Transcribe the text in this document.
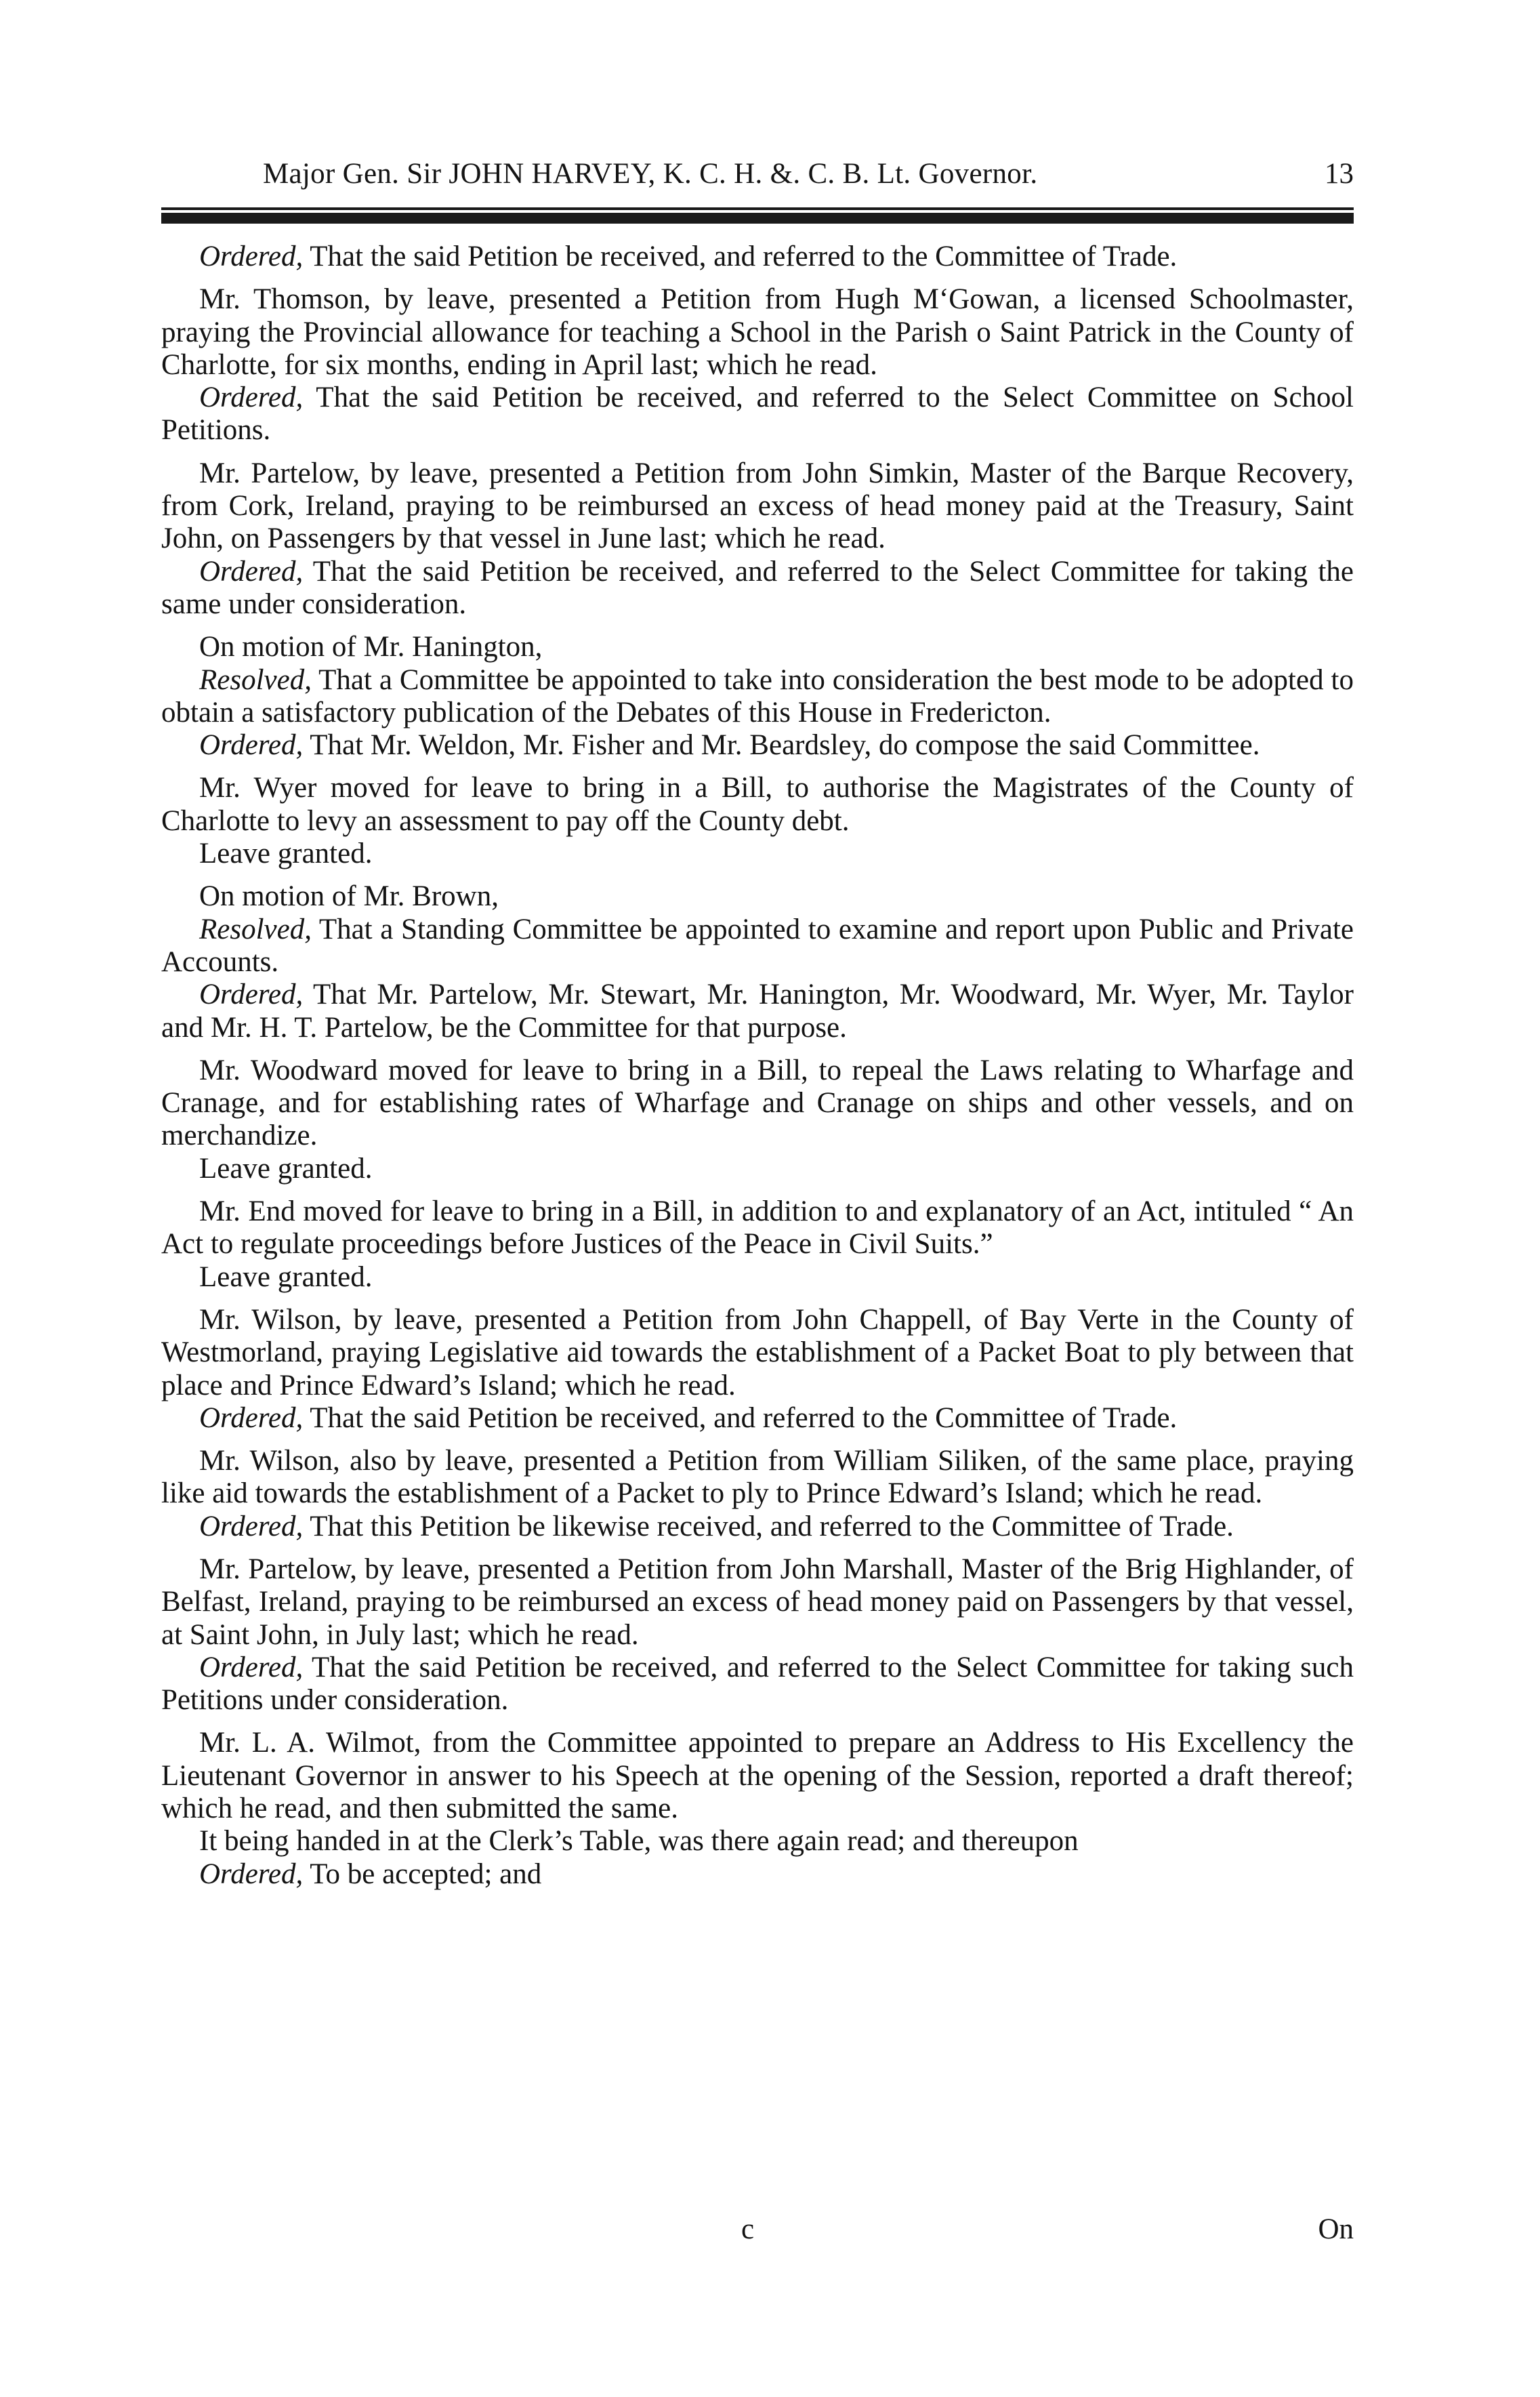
Major Gen. Sir JOHN HARVEY, K. C. H. &. C. B. Lt. Governor.	13

Ordered, That the said Petition be received, and referred to the Committee of Trade.

Mr. Thomson, by leave, presented a Petition from Hugh M‘Gowan, a licensed Schoolmaster, praying the Provincial allowance for teaching a School in the Parish o Saint Patrick in the County of Charlotte, for six months, ending in April last; which he read.

Ordered, That the said Petition be received, and referred to the Select Committee on School Petitions.

Mr. Partelow, by leave, presented a Petition from John Simkin, Master of the Barque Recovery, from Cork, Ireland, praying to be reimbursed an excess of head money paid at the Treasury, Saint John, on Passengers by that vessel in June last; which he read.

Ordered, That the said Petition be received, and referred to the Select Committee for taking the same under consideration.

On motion of Mr. Hanington,

Resolved, That a Committee be appointed to take into consideration the best mode to be adopted to obtain a satisfactory publication of the Debates of this House in Fredericton.

Ordered, That Mr. Weldon, Mr. Fisher and Mr. Beardsley, do compose the said Committee.

Mr. Wyer moved for leave to bring in a Bill, to authorise the Magistrates of the County of Charlotte to levy an assessment to pay off the County debt.

Leave granted.

On motion of Mr. Brown,

Resolved, That a Standing Committee be appointed to examine and report upon Public and Private Accounts.

Ordered, That Mr. Partelow, Mr. Stewart, Mr. Hanington, Mr. Woodward, Mr. Wyer, Mr. Taylor and Mr. H. T. Partelow, be the Committee for that purpose.

Mr. Woodward moved for leave to bring in a Bill, to repeal the Laws relating to Wharfage and Cranage, and for establishing rates of Wharfage and Cranage on ships and other vessels, and on merchandize.

Leave granted.

Mr. End moved for leave to bring in a Bill, in addition to and explanatory of an Act, intituled “ An Act to regulate proceedings before Justices of the Peace in Civil Suits.”

Leave granted.

Mr. Wilson, by leave, presented a Petition from John Chappell, of Bay Verte in the County of Westmorland, praying Legislative aid towards the establishment of a Packet Boat to ply between that place and Prince Edward’s Island; which he read.

Ordered, That the said Petition be received, and referred to the Committee of Trade.

Mr. Wilson, also by leave, presented a Petition from William Siliken, of the same place, praying like aid towards the establishment of a Packet to ply to Prince Edward’s Island; which he read.

Ordered, That this Petition be likewise received, and referred to the Committee of Trade.

Mr. Partelow, by leave, presented a Petition from John Marshall, Master of the Brig Highlander, of Belfast, Ireland, praying to be reimbursed an excess of head money paid on Passengers by that vessel, at Saint John, in July last; which he read.

Ordered, That the said Petition be received, and referred to the Select Committee for taking such Petitions under consideration.

Mr. L. A. Wilmot, from the Committee appointed to prepare an Address to His Excellency the Lieutenant Governor in answer to his Speech at the opening of the Session, reported a draft thereof; which he read, and then submitted the same.

It being handed in at the Clerk’s Table, was there again read; and thereupon

Ordered, To be accepted; and

c	On
